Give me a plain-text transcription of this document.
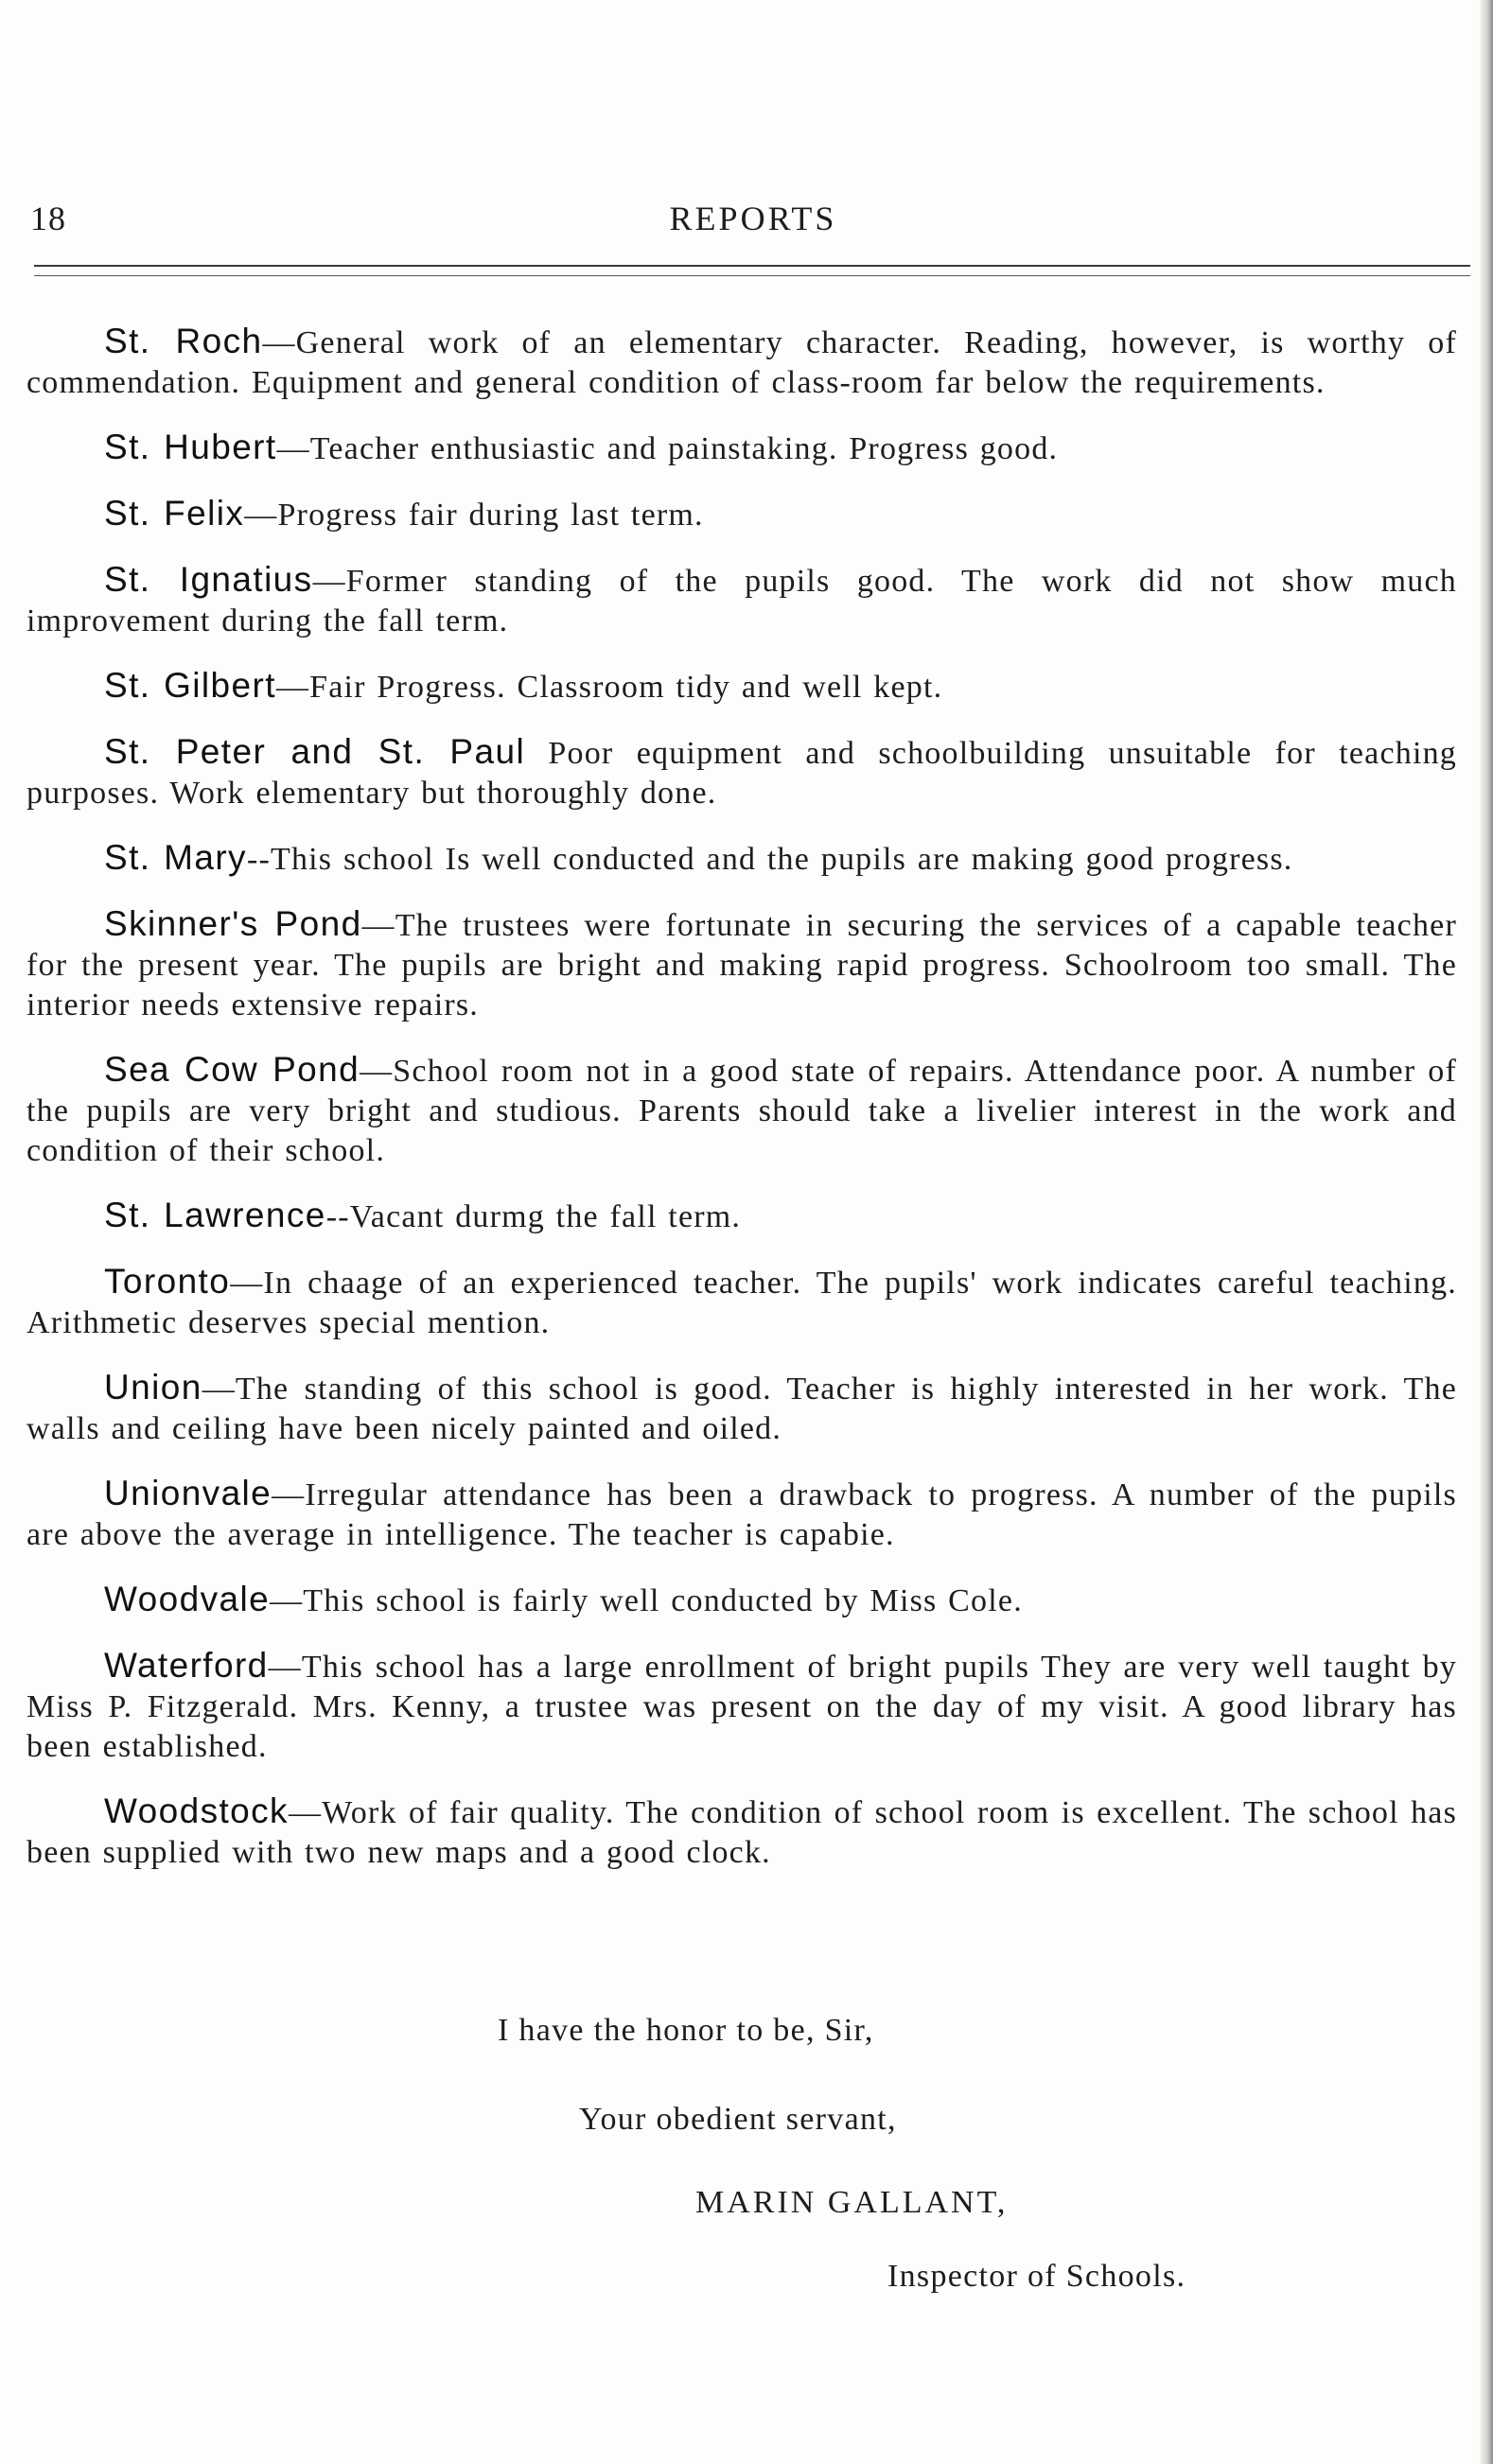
18	REPORTS

St. Roch—General work of an elementary character. Reading, however, is worthy of commendation. Equipment and general condition of class-room far below the requirements.

St. Hubert—Teacher enthusiastic and painstaking. Progress good.

St. Felix—Progress fair during last term.

St. Ignatius—Former standing of the pupils good. The work did not show much improvement during the fall term.

St. Gilbert—Fair Progress. Classroom tidy and well kept.

St. Peter and St. Paul Poor equipment and schoolbuilding unsuitable for teaching purposes. Work elementary but thoroughly done.

St. Mary--This school Is well conducted and the pupils are making good progress.

Skinner's Pond—The trustees were fortunate in securing the services of a capable teacher for the present year. The pupils are bright and making rapid progress. Schoolroom too small. The interior needs extensive repairs.

Sea Cow Pond—School room not in a good state of repairs. Attendance poor. A number of the pupils are very bright and studious. Parents should take a livelier interest in the work and condition of their school.

St. Lawrence--Vacant durmg the fall term.

Toronto—In chaage of an experienced teacher. The pupils' work indicates careful teaching. Arithmetic deserves special mention.

Union—The standing of this school is good. Teacher is highly interested in her work. The walls and ceiling have been nicely painted and oiled.

Unionvale—Irregular attendance has been a drawback to progress. A number of the pupils are above the average in intelligence. The teacher is capabie.

Woodvale—This school is fairly well conducted by Miss Cole.

Waterford—This school has a large enrollment of bright pupils They are very well taught by Miss P. Fitzgerald. Mrs. Kenny, a trustee was present on the day of my visit. A good library has been established.

Woodstock—Work of fair quality. The condition of school room is excellent. The school has been supplied with two new maps and a good clock.

I have the honor to be, Sir,
Your obedient servant,
MARIN GALLANT,
Inspector of Schools.
